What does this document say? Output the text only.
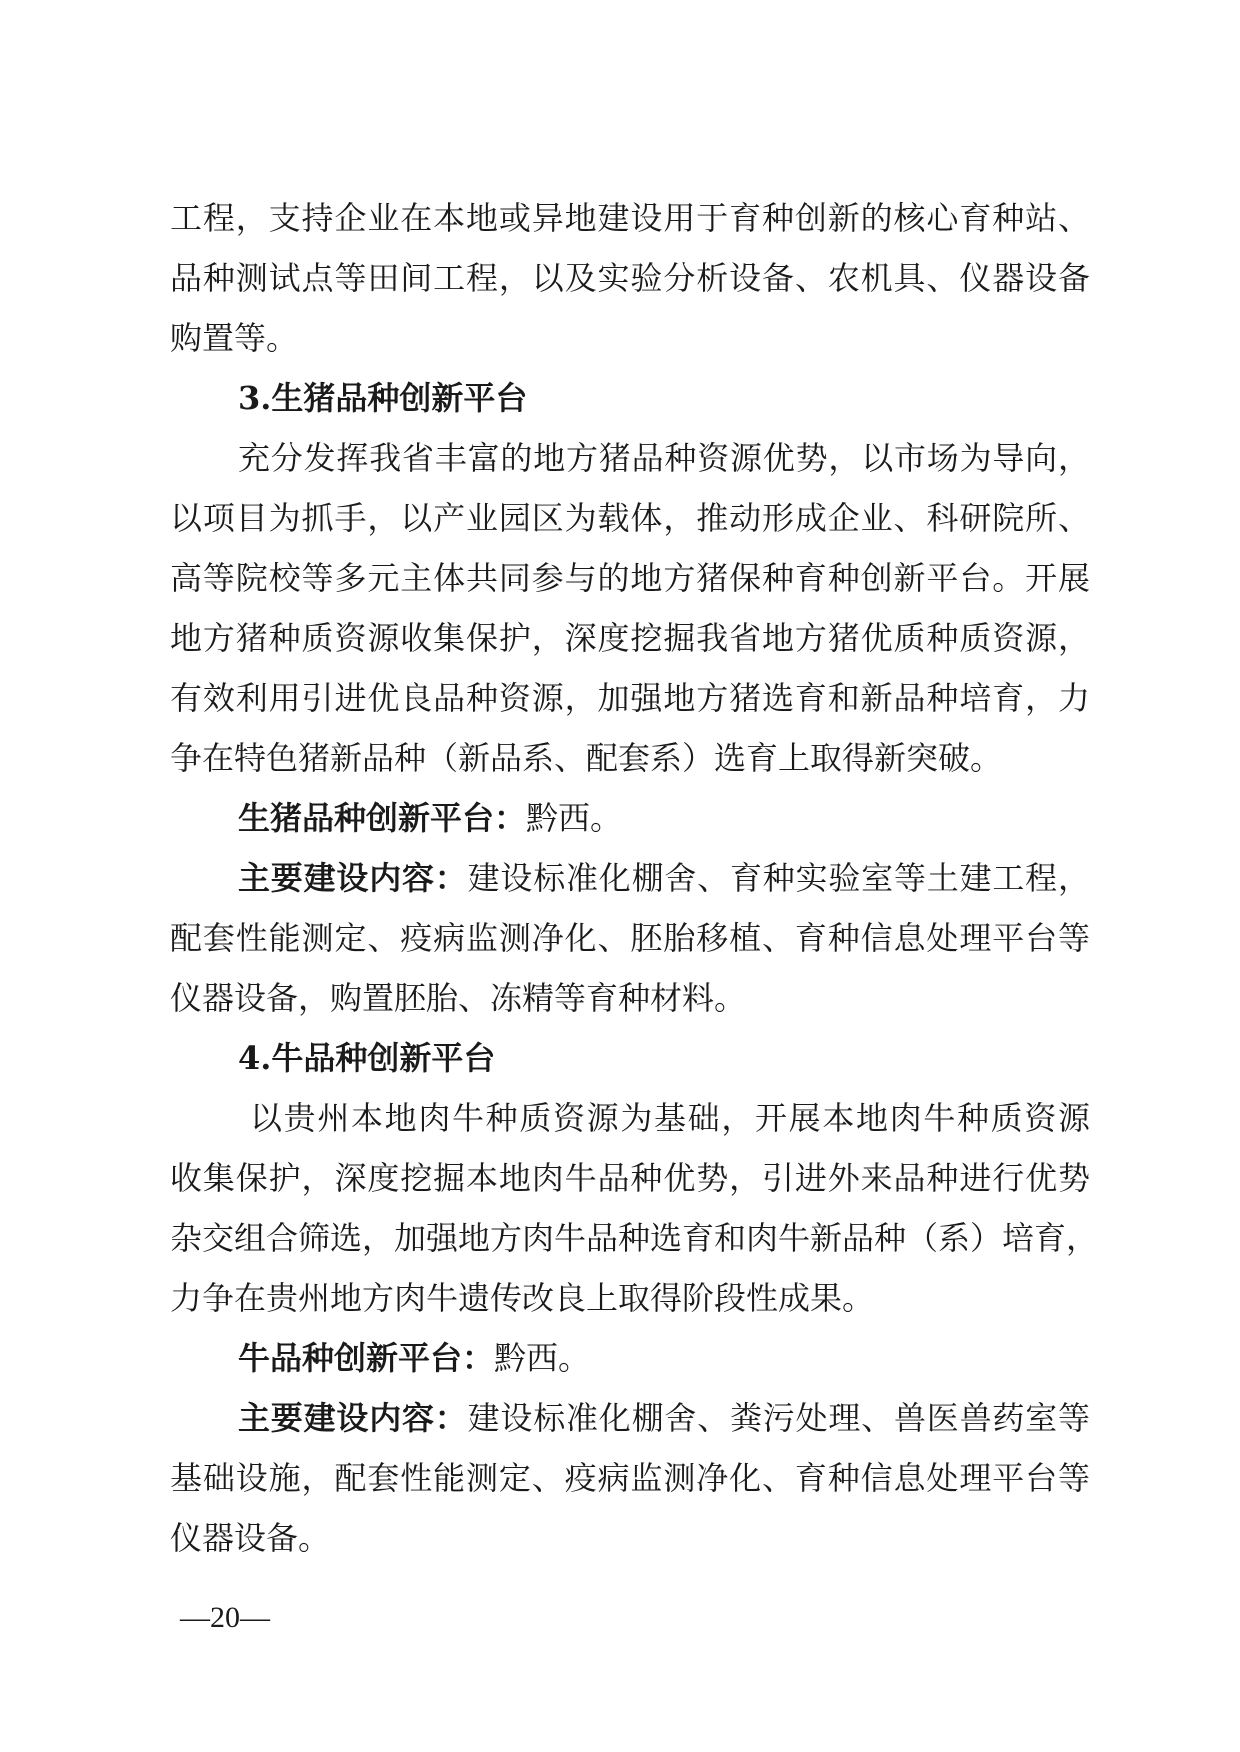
工程，支持企业在本地或异地建设用于育种创新的核心育种站、
品种测试点等田间工程，以及实验分析设备、农机具、仪器设备
购置等。
3.生猪品种创新平台
充分发挥我省丰富的地方猪品种资源优势，以市场为导向，
以项目为抓手，以产业园区为载体，推动形成企业、科研院所、
高等院校等多元主体共同参与的地方猪保种育种创新平台。开展
地方猪种质资源收集保护，深度挖掘我省地方猪优质种质资源，
有效利用引进优良品种资源，加强地方猪选育和新品种培育，力
争在特色猪新品种（新品系、配套系）选育上取得新突破。
生猪品种创新平台：黔西。
主要建设内容：建设标准化棚舍、育种实验室等土建工程，
配套性能测定、疫病监测净化、胚胎移植、育种信息处理平台等
仪器设备，购置胚胎、冻精等育种材料。
4.牛品种创新平台
以贵州本地肉牛种质资源为基础，开展本地肉牛种质资源
收集保护，深度挖掘本地肉牛品种优势，引进外来品种进行优势
杂交组合筛选，加强地方肉牛品种选育和肉牛新品种（系）培育，
力争在贵州地方肉牛遗传改良上取得阶段性成果。
牛品种创新平台：黔西。
主要建设内容：建设标准化棚舍、粪污处理、兽医兽药室等
基础设施，配套性能测定、疫病监测净化、育种信息处理平台等
仪器设备。
—20—
